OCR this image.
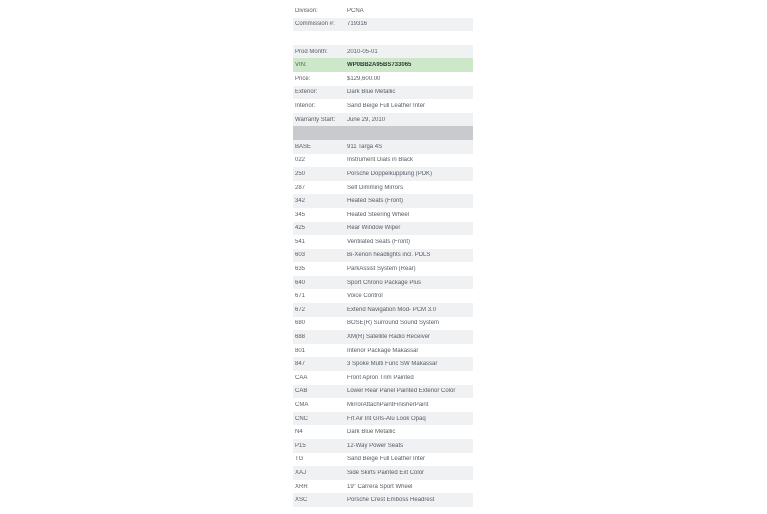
Division:	PCNA
Commission #:	719316
Prod Month:	2010-05-01
VIN:	WP0BB2A95BS733065
Price:	$129,600.00
Exterior:	Dark Blue Metallic
Interior:	Sand Beige Full Leather Inter
Warranty Start:	June 29, 2010
BASE	911 Targa 4S
022	Instrument Dials in Black
250	Porsche Doppelkupplung (PDK)
287	Self Dimming Mirrors
342	Heated Seats (Front)
345	Heated Steering Wheel
425	Rear Window Wiper
541	Ventilated Seats (Front)
603	Bi-Xenon headlights incl. PDLS
635	ParkAssist System (Rear)
640	Sport Chrono Package Plus
671	Voice Control
672	Extend Navigation Mod- PCM 3.0
680	BOSE(R) Surround Sound System
688	XM(R) Satellite Radio Receiver
801	Interior Package Makassar
847	3 Spoke Multi Func SW Makassar
CAA	Front Apron Trim Painted
CAB	Lower Rear Panel Painted Exterior Color
CMA	MirrorAttachPaintFinisherPaint
CNC	Frt Air Int Grls-Alu Look Opaq
N4	Dark Blue Metallic
P15	12-Way Power Seats
TG	Sand Beige Full Leather Inter
XAJ	Side Skirts Painted Ext Color
XRR	19" Carrera Sport Wheel
XSC	Porsche Crest Emboss Headrest
